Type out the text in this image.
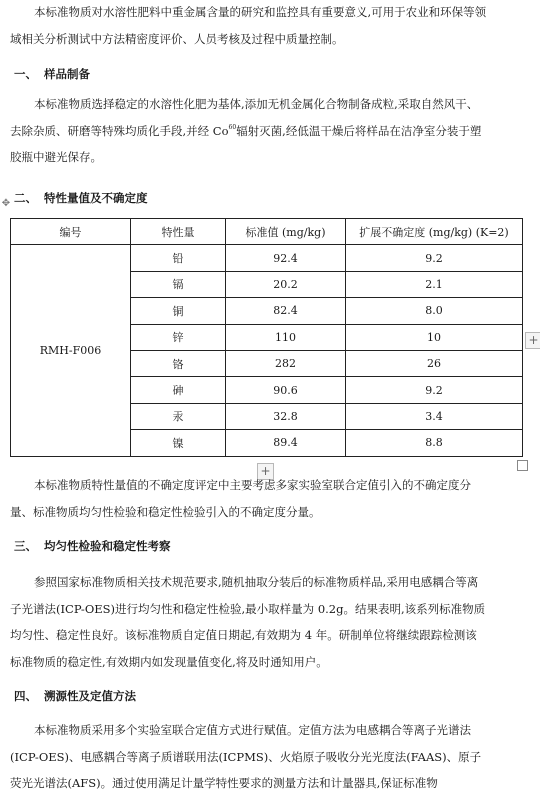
本标准物质对水溶性肥料中重金属含量的研究和监控具有重要意义,可用于农业和环保等领域相关分析测试中方法精密度评价、人员考核及过程中质量控制。

一、 样品制备

本标准物质选择稳定的水溶性化肥为基体,添加无机金属化合物制备成粒,采取自然风干、去除杂质、研磨等特殊均质化手段,并经 Co$^{60}$辐射灭菌,经低温干燥后将样品在洁净室分装于塑胶瓶中避光保存。

✥ 二、 特性量值及不确定度
编号	特性量	标准值 (mg/kg)	扩展不确定度 (mg/kg) (K=2)
RMH-F006	铅	92.4	9.2
	镉	20.2	2.1
	铜	82.4	8.0
	锌	110	10
	铬	282	26
	砷	90.6	9.2
	汞	32.8	3.4
	镍	89.4	8.8
+
+

本标准物质特性量值的不确定度评定中主要考虑多家实验室联合定值引入的不确定度分量、标准物质均匀性检验和稳定性检验引入的不确定度分量。

三、 均匀性检验和稳定性考察

参照国家标准物质相关技术规范要求,随机抽取分装后的标准物质样品,采用电感耦合等离子光谱法(ICP-OES)进行均匀性和稳定性检验,最小取样量为 0.2g。结果表明,该系列标准物质均匀性、稳定性良好。该标准物质自定值日期起,有效期为 4 年。研制单位将继续跟踪检测该标准物质的稳定性,有效期内如发现量值变化,将及时通知用户。

四、 溯源性及定值方法

本标准物质采用多个实验室联合定值方式进行赋值。定值方法为电感耦合等离子光谱法(ICP-OES)、电感耦合等离子质谱联用法(ICPMS)、火焰原子吸收分光光度法(FAAS)、原子荧光光谱法(AFS)。通过使用满足计量学特性要求的测量方法和计量器具,保证标准物
